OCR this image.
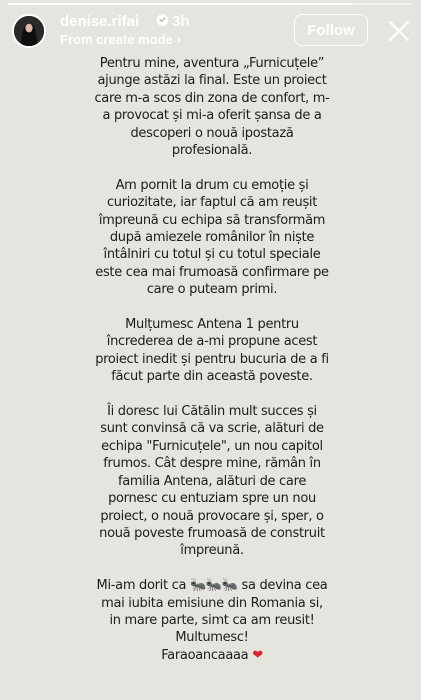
denise.rifai 3h
From create mode ›
Follow

Pentru mine, aventura „Furnicuțele” ajunge astăzi la final. Este un proiect care m-a scos din zona de confort, m-a provocat și mi-a oferit șansa de a descoperi o nouă ipostază profesională.

Am pornit la drum cu emoție și curiozitate, iar faptul că am reușit împreună cu echipa să transformăm după amiezele românilor în niște întâlniri cu totul și cu totul speciale este cea mai frumoasă confirmare pe care o puteam primi.

Mulțumesc Antena 1 pentru încrederea de a-mi propune acest proiect inedit și pentru bucuria de a fi făcut parte din această poveste.

Îi doresc lui Cătălin mult succes și sunt convinsă că va scrie, alături de echipa "Furnicuțele", un nou capitol frumos. Cât despre mine, rămân în familia Antena, alături de care pornesc cu entuziam spre un nou proiect, o nouă provocare și, sper, o nouă poveste frumoasă de construit împreună.

Mi-am dorit ca 🐜🐜🐜 sa devina cea mai iubita emisiune din Romania si, in mare parte, simt ca am reusit!
Multumesc!
Faraoancaaaa ❤
